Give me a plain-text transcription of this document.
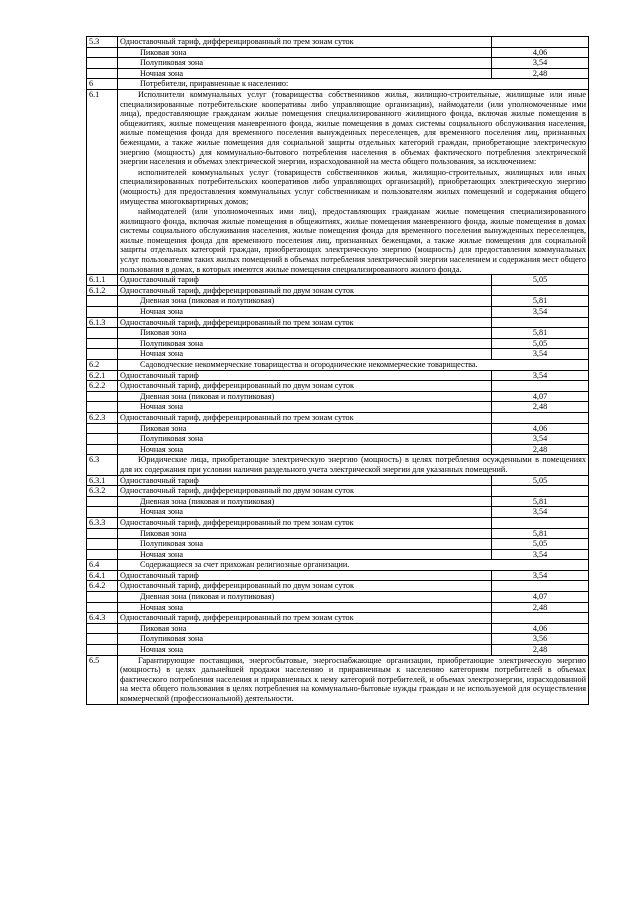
5.3	Одноставочный тариф, дифференцированный по трем зонам суток	
	Пиковая зона	4,06
	Полупиковая зона	3,54
	Ночная зона	2,48
6	Потребители, приравненные к населению:	
6.1	Исполнители коммунальных услуг (товарищества собственников жилья, жилищно-строительные, жилищные или иные специализированные потребительские кооперативы либо управляющие организации), наймодатели (или уполномоченные ими лица), предоставляющие гражданам жилые помещения специализированного жилищного фонда, включая жилые помещения в общежитиях, жилые помещения маневренного фонда, жилые помещения в домах системы социального обслуживания населения, жилые помещения фонда для временного поселения вынужденных переселенцев, для временного поселения лиц, признанных беженцами, а также жилые помещения для социальной защиты отдельных категорий граждан, приобретающие электрическую энергию (мощность) для коммунально-бытового потребления населения в объемах фактического потребления электрической энергии населения и объемах электрической энергии, израсходованной на места общего пользования, за исключением:

исполнителей коммунальных услуг (товариществ собственников жилья, жилищно-строительных, жилищных или иных специализированных потребительских кооперативов либо управляющих организаций), приобретающих электрическую энергию (мощность) для предоставления коммунальных услуг собственникам и пользователям жилых помещений и содержания общего имущества многоквартирных домов;

наймодателей (или уполномоченных ими лиц), предоставляющих гражданам жилые помещения специализированного жилищного фонда, включая жилые помещения в общежитиях, жилые помещения маневренного фонда, жилые помещения в домах системы социального обслуживания населения, жилые помещения фонда для временного поселения вынужденных переселенцев, жилые помещения фонда для временного поселения лиц, признанных беженцами, а также жилые помещения для социальной защиты отдельных категорий граждан, приобретающих электрическую энергию (мощность) для предоставления коммунальных услуг пользователям таких жилых помещений в объемах потребления электрической энергии населением и содержания мест общего пользования в домах, в которых имеются жилые помещения специализированного жилого фонда.	

6.1.1	Одноставочный тариф	5,05
6.1.2	Одноставочный тариф, дифференцированный по двум зонам суток	
	Дневная зона (пиковая и полупиковая)	5,81
	Ночная зона	3,54
6.1.3	Одноставочный тариф, дифференцированный по трем зонам суток	
	Пиковая зона	5,81
	Полупиковая зона	5,05
	Ночная зона	3,54
6.2	Садоводческие некоммерческие товарищества и огороднические некоммерческие товарищества.	
6.2.1	Одноставочный тариф	3,54
6.2.2	Одноставочный тариф, дифференцированный по двум зонам суток	
	Дневная зона (пиковая и полупиковая)	4,07
	Ночная зона	2,48
6.2.3	Одноставочный тариф, дифференцированный по трем зонам суток	
	Пиковая зона	4,06
	Полупиковая зона	3,54
	Ночная зона	2,48
6.3	Юридические лица, приобретающие электрическую энергию (мощность) в целях потребления осужденными в помещениях для их содержания при условии наличия раздельного учета электрической энергии для указанных помещений.	

6.3.1	Одноставочный тариф	5,05
6.3.2	Одноставочный тариф, дифференцированный по двум зонам суток	
	Дневная зона (пиковая и полупиковая)	5,81
	Ночная зона	3,54
6.3.3	Одноставочный тариф, дифференцированный по трем зонам суток	
	Пиковая зона	5,81
	Полупиковая зона	5,05
	Ночная зона	3,54
6.4	Содержащиеся за счет прихожан религиозные организации.	
6.4.1	Одноставочный тариф	3,54
6.4.2	Одноставочный тариф, дифференцированный по двум зонам суток	
	Дневная зона (пиковая и полупиковая)	4,07
	Ночная зона	2,48
6.4.3	Одноставочный тариф, дифференцированный по трем зонам суток	
	Пиковая зона	4,06
	Полупиковая зона	3,56
	Ночная зона	2,48
6.5	Гарантирующие поставщики, энергосбытовые, энергоснабжающие организации, приобретающие электрическую энергию (мощность) в целях дальнейшей продажи населению и приравненным к населению категориям потребителей в объемах фактического потребления населения и приравненных к нему категорий потребителей, и объемах электроэнергии, израсходованной на места общего пользования в целях потребления на коммунально-бытовые нужды граждан и не используемой для осуществления коммерческой (профессиональной) деятельности.	
